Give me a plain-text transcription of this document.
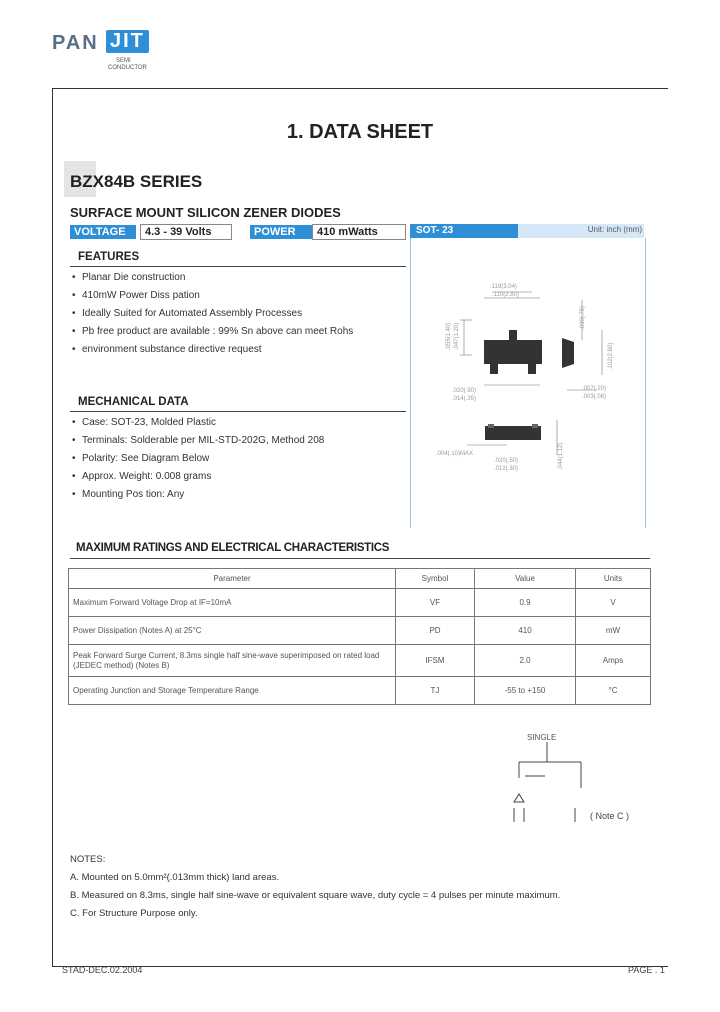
PAN JIT
SEMI
CONDUCTOR
1. DATA SHEET
BZX84B SERIES
SURFACE MOUNT SILICON ZENER DIODES
VOLTAGE	4.3 - 39 Volts	POWER	410 mWatts	SOT- 23	Unit: inch (mm)
.119(3.04)
.110(2.80)
.055(1.40) .047(1.20)
.030(.75)
.102(2.60)
.020(.50)
.014(.35)
.007(.20)
.003(.08)
.004(.10)MAX
.020(.50)
.012(.30)	.044(1.12)
FEATURES
• Planar Die construction
• 410mW Power Diss pation
• Ideally Suited for Automated Assembly Processes
• Pb free product are available : 99% Sn above can meet Rohs
• environment substance directive request
MECHANICAL DATA
• Case: SOT-23, Molded Plastic
• Terminals: Solderable per MIL-STD-202G, Method 208
• Polarity: See Diagram Below
• Approx. Weight: 0.008 grams
• Mounting Pos tion: Any
MAXIMUM RATINGS AND ELECTRICAL CHARACTERISTICS
Parameter	Symbol	Value	Units
Maximum Forward Voltage Drop at IF=10mA	VF	0.9	V
Power Dissipation (Notes A) at 25°C	PD	410	mW
Peak Forward Surge Current, 8.3ms single half sine-wave superimposed on rated load (JEDEC method) (Notes B)	IFSM	2.0	Amps
Operating Junction and Storage Temperature Range	TJ	-55 to +150	°C
SINGLE
( Note C )
NOTES:
A. Mounted on 5.0mm²(.013mm thick) land areas.
B. Measured on 8.3ms, single half sine-wave or equivalent square wave, duty cycle = 4 pulses per minute maximum.
C. For Structure Purpose only.
STAD-DEC.02.2004	PAGE . 1
